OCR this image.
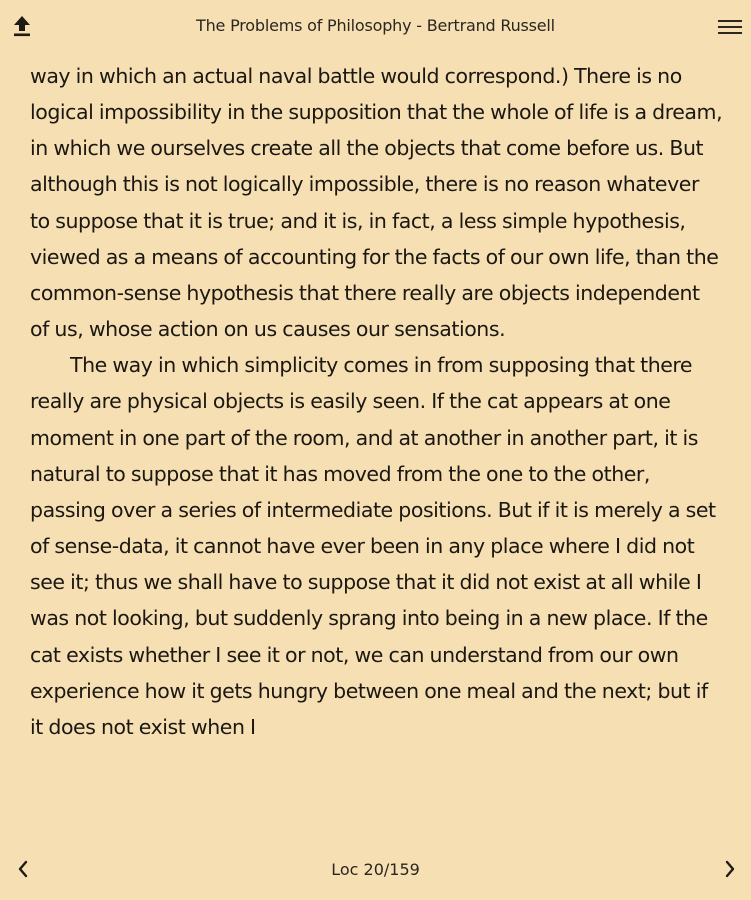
The Problems of Philosophy - Bertrand Russell

way in which an actual naval battle would correspond.) There is no logical impossibility in the supposition that the whole of life is a dream, in which we ourselves create all the objects that come before us. But although this is not logically impossible, there is no reason whatever to suppose that it is true; and it is, in fact, a less simple hypothesis, viewed as a means of accounting for the facts of our own life, than the common-sense hypothesis that there really are objects independent of us, whose action on us causes our sensations.

The way in which simplicity comes in from supposing that there really are physical objects is easily seen. If the cat appears at one moment in one part of the room, and at another in another part, it is natural to suppose that it has moved from the one to the other, passing over a series of intermediate positions. But if it is merely a set of sense-data, it cannot have ever been in any place where I did not see it; thus we shall have to suppose that it did not exist at all while I was not looking, but suddenly sprang into being in a new place. If the cat exists whether I see it or not, we can understand from our own experience how it gets hungry between one meal and the next; but if it does not exist when I

Loc 20/159
